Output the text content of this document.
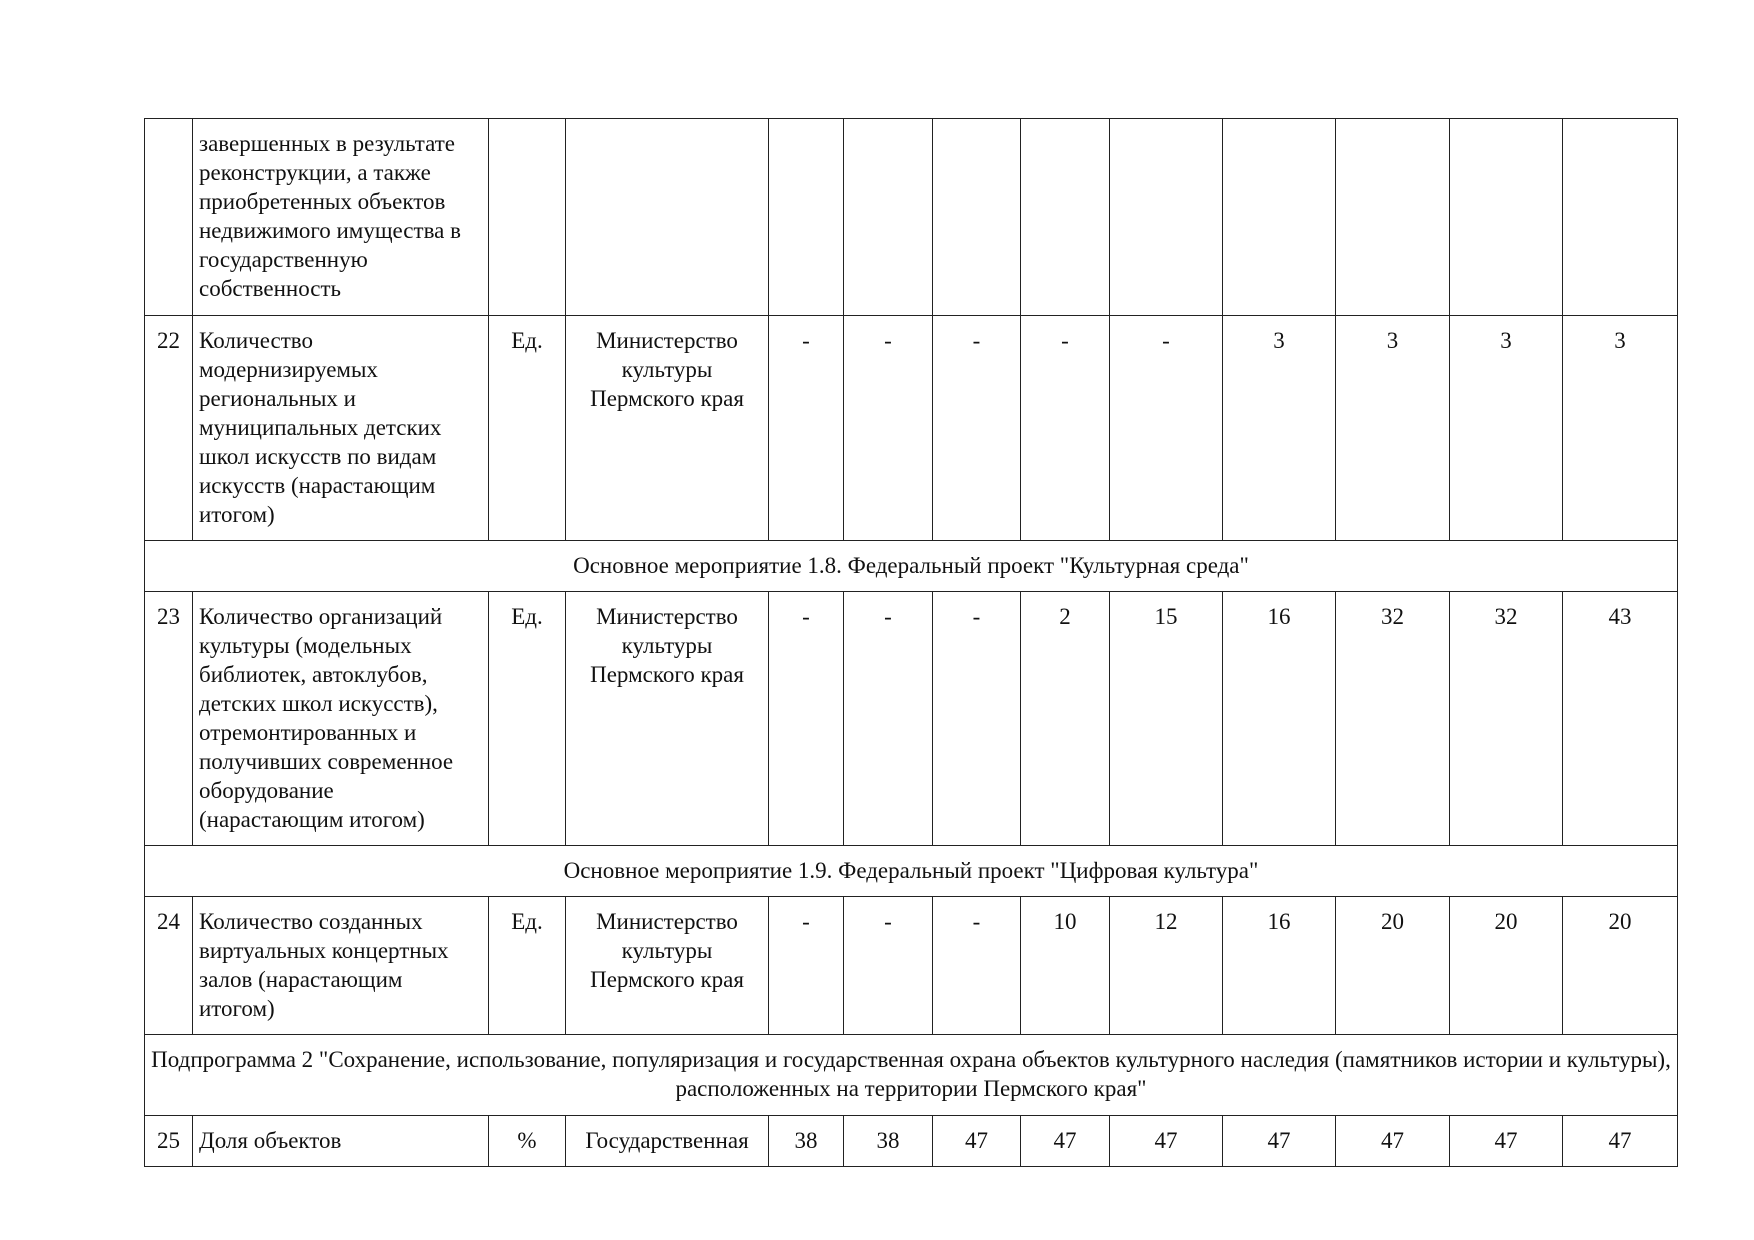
	завершенных в результате реконструкции, а также приобретенных объектов недвижимого имущества в государственную собственность											
22	Количество модернизируемых региональных и муниципальных детских школ искусств по видам искусств (нарастающим итогом)	Ед.	Министерство культуры Пермского края	-	-	-	-	-	3	3	3	3
Основное мероприятие 1.8. Федеральный проект "Культурная среда"												
23	Количество организаций культуры (модельных библиотек, автоклубов, детских школ искусств), отремонтированных и получивших современное оборудование (нарастающим итогом)	Ед.	Министерство культуры Пермского края	-	-	-	2	15	16	32	32	43
Основное мероприятие 1.9. Федеральный проект "Цифровая культура"												
24	Количество созданных виртуальных концертных залов (нарастающим итогом)	Ед.	Министерство культуры Пермского края	-	-	-	10	12	16	20	20	20
Подпрограмма 2 "Сохранение, использование, популяризация и государственная охрана объектов культурного наследия (памятников истории и культуры), расположенных на территории Пермского края"												
25	Доля объектов	%	Государственная	38	38	47	47	47	47	47	47	47
